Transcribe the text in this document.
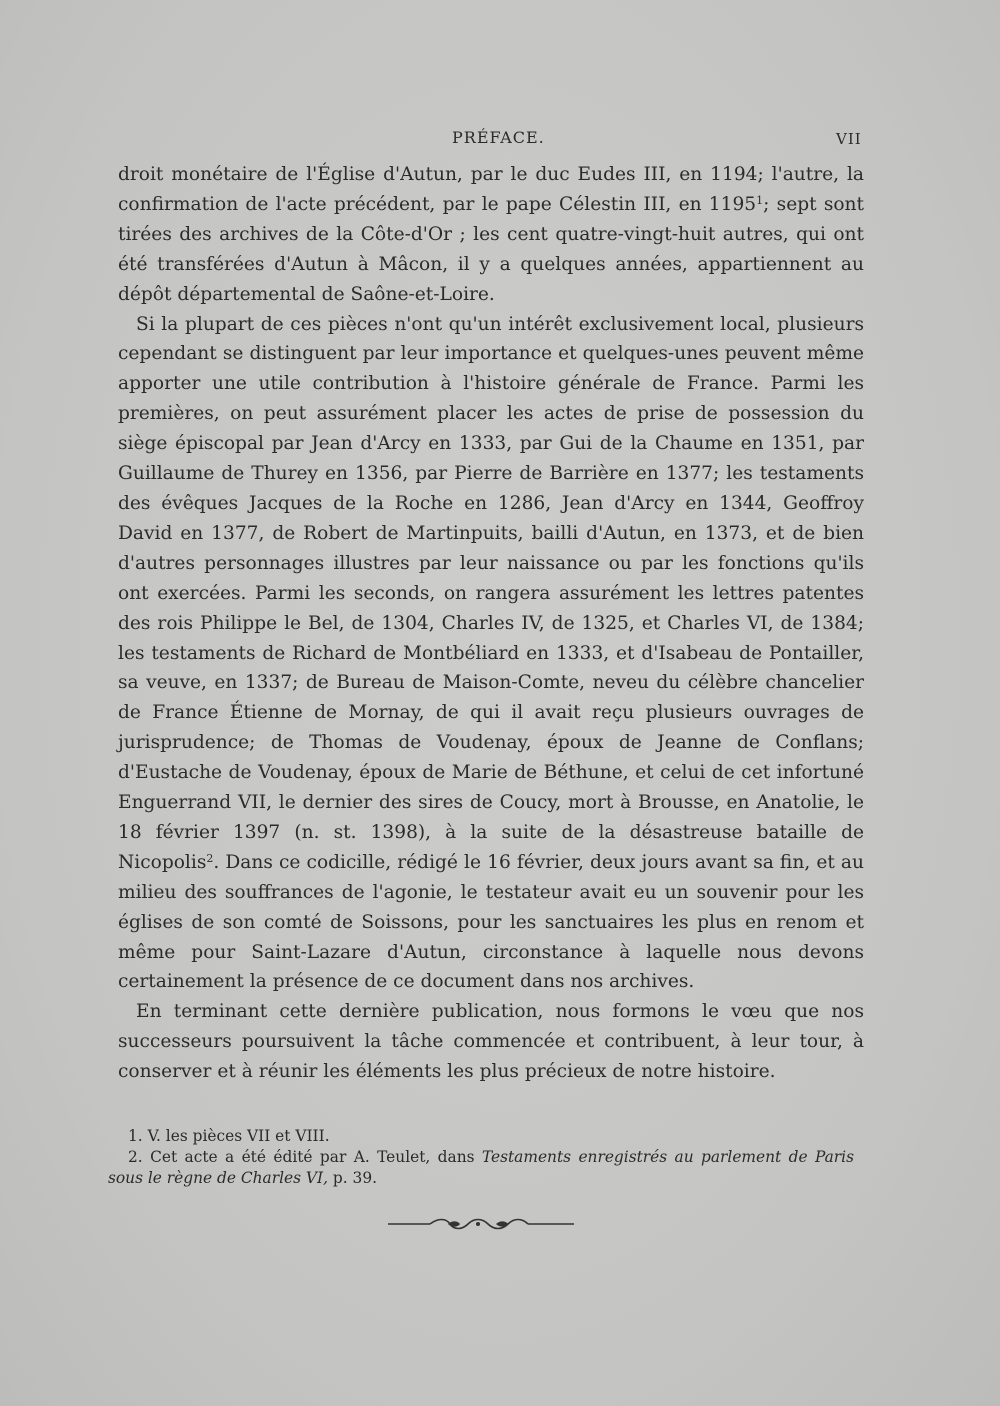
PRÉFACE.	VII

droit monétaire de l'Église d'Autun, par le duc Eudes III, en 1194; l'autre, la confirmation de l'acte précédent, par le pape Célestin III, en 1195$^1$; sept sont tirées des archives de la Côte-d'Or ; les cent quatre-vingt-huit autres, qui ont été transférées d'Autun à Mâcon, il y a quelques années, appartiennent au dépôt départemental de Saône-et-Loire.

Si la plupart de ces pièces n'ont qu'un intérêt exclusivement local, plusieurs cependant se distinguent par leur importance et quelques-unes peuvent même apporter une utile contribution à l'histoire générale de France. Parmi les premières, on peut assurément placer les actes de prise de possession du siège épiscopal par Jean d'Arcy en 1333, par Gui de la Chaume en 1351, par Guillaume de Thurey en 1356, par Pierre de Barrière en 1377; les testaments des évêques Jacques de la Roche en 1286, Jean d'Arcy en 1344, Geoffroy David en 1377, de Robert de Martinpuits, bailli d'Autun, en 1373, et de bien d'autres personnages illustres par leur naissance ou par les fonctions qu'ils ont exercées. Parmi les seconds, on rangera assurément les lettres patentes des rois Philippe le Bel, de 1304, Charles IV, de 1325, et Charles VI, de 1384; les testaments de Richard de Montbéliard en 1333, et d'Isabeau de Pontailler, sa veuve, en 1337; de Bureau de Maison-Comte, neveu du célèbre chancelier de France Étienne de Mornay, de qui il avait reçu plusieurs ouvrages de jurisprudence; de Thomas de Voudenay, époux de Jeanne de Conflans; d'Eustache de Voudenay, époux de Marie de Béthune, et celui de cet infortuné Enguerrand VII, le dernier des sires de Coucy, mort à Brousse, en Anatolie, le 18 février 1397 (n. st. 1398), à la suite de la désastreuse bataille de Nicopolis$^2$. Dans ce codicille, rédigé le 16 février, deux jours avant sa fin, et au milieu des souffrances de l'agonie, le testateur avait eu un souvenir pour les églises de son comté de Soissons, pour les sanctuaires les plus en renom et même pour Saint-Lazare d'Autun, circonstance à laquelle nous devons certainement la présence de ce document dans nos archives.

En terminant cette dernière publication, nous formons le vœu que nos successeurs poursuivent la tâche commencée et contribuent, à leur tour, à conserver et à réunir les éléments les plus précieux de notre histoire.

1. V. les pièces VII et VIII.

2. Cet acte a été édité par A. Teulet, dans Testaments enregistrés au parlement de Paris sous le règne de Charles VI, p. 39.
